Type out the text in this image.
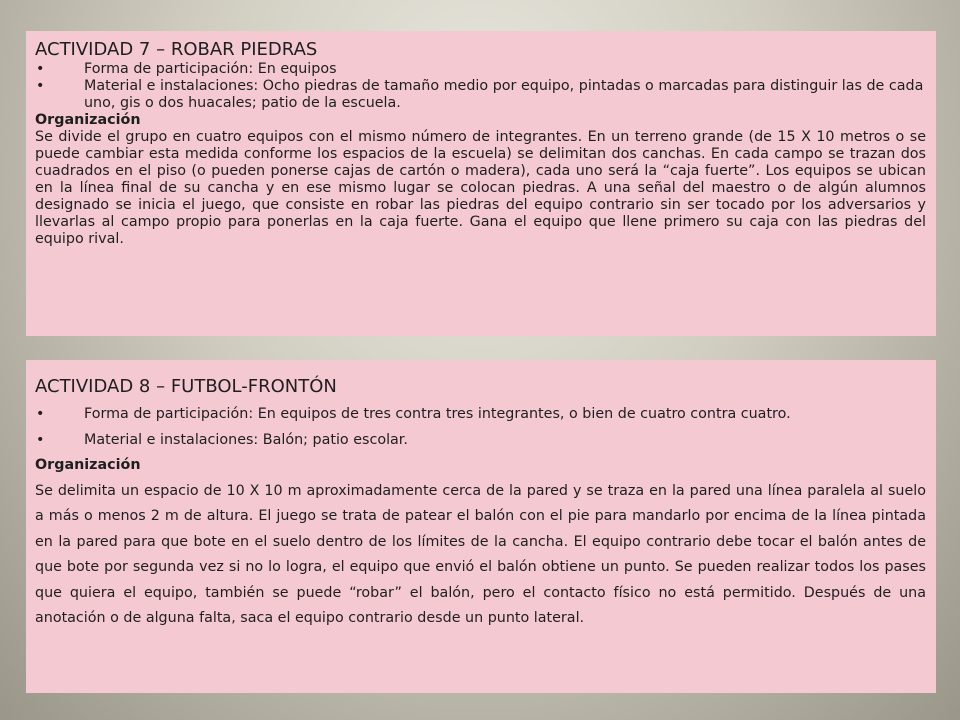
ACTIVIDAD 7 – ROBAR PIEDRAS
• Forma de participación: En equipos
• Material e instalaciones: Ocho piedras de tamaño medio por equipo, pintadas o marcadas para distinguir las de cada uno, gis o dos huacales; patio de la escuela.
Organización

Se divide el grupo en cuatro equipos con el mismo número de integrantes. En un terreno grande (de 15 X 10 metros o se puede cambiar esta medida conforme los espacios de la escuela) se delimitan dos canchas. En cada campo se trazan dos cuadrados en el piso (o pueden ponerse cajas de cartón o madera), cada uno será la “caja fuerte”. Los equipos se ubican en la línea final de su cancha y en ese mismo lugar se colocan piedras. A una señal del maestro o de algún alumnos designado se inicia el juego, que consiste en robar las piedras del equipo contrario sin ser tocado por los adversarios y llevarlas al campo propio para ponerlas en la caja fuerte. Gana el equipo que llene primero su caja con las piedras del equipo rival.

ACTIVIDAD 8 – FUTBOL-FRONTÓN
• Forma de participación: En equipos de tres contra tres integrantes, o bien de cuatro contra cuatro.
• Material e instalaciones: Balón; patio escolar.
Organización

Se delimita un espacio de 10 X 10 m aproximadamente cerca de la pared y se traza en la pared una línea paralela al suelo a más o menos 2 m de altura. El juego se trata de patear el balón con el pie para mandarlo por encima de la línea pintada en la pared para que bote en el suelo dentro de los límites de la cancha. El equipo contrario debe tocar el balón antes de que bote por segunda vez si no lo logra, el equipo que envió el balón obtiene un punto. Se pueden realizar todos los pases que quiera el equipo, también se puede “robar” el balón, pero el contacto físico no está permitido. Después de una anotación o de alguna falta, saca el equipo contrario desde un punto lateral.
